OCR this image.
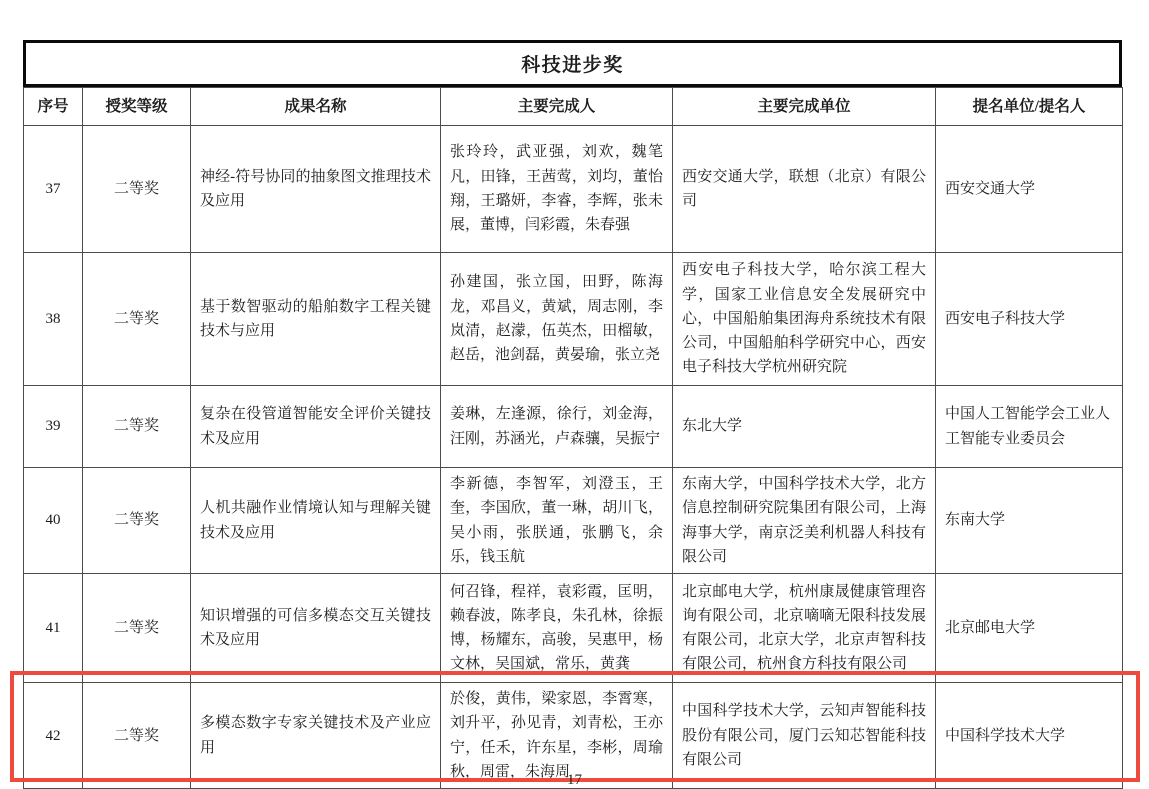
科技进步奖
序号	授奖等级	成果名称	主要完成人	主要完成单位	提名单位/提名人
37	二等奖	神经-符号协同的抽象图文推理技术及应用	张玲玲，武亚强，刘欢，魏笔凡，田锋，王茜莺，刘均，董怡翔，王璐妍，李睿，李辉，张未展，董博，闫彩霞，朱春强	西安交通大学，联想（北京）有限公司	西安交通大学
38	二等奖	基于数智驱动的船舶数字工程关键技术与应用	孙建国，张立国，田野，陈海龙，邓昌义，黄斌，周志刚，李岚清，赵濛，伍英杰，田榴敏，赵岳，池剑磊，黄晏瑜，张立尧	西安电子科技大学，哈尔滨工程大学，国家工业信息安全发展研究中心，中国船舶集团海舟系统技术有限公司，中国船舶科学研究中心，西安电子科技大学杭州研究院	西安电子科技大学
39	二等奖	复杂在役管道智能安全评价关键技术及应用	姜琳，左逢源，徐行，刘金海，汪刚，苏涵光，卢森骧，吴振宁	东北大学	中国人工智能学会工业人工智能专业委员会
40	二等奖	人机共融作业情境认知与理解关键技术及应用	李新德，李智军，刘澄玉，王奎，李国欣，董一琳，胡川飞，吴小雨，张朕通，张鹏飞，余乐，钱玉航	东南大学，中国科学技术大学，北方信息控制研究院集团有限公司，上海海事大学，南京泛美利机器人科技有限公司	东南大学
41	二等奖	知识增强的可信多模态交互关键技术及应用	何召锋，程祥，袁彩霞，匡明，赖春波，陈孝良，朱孔林，徐振博，杨耀东，高骏，吴惠甲，杨文林，吴国斌，常乐，黄龚	北京邮电大学，杭州康晟健康管理咨询有限公司，北京嘀嘀无限科技发展有限公司，北京大学，北京声智科技有限公司，杭州食方科技有限公司	北京邮电大学
42	二等奖	多模态数字专家关键技术及产业应用	於俊，黄伟，梁家恩，李霄寒，刘升平，孙见青，刘青松，王亦宁，任禾，许东星，李彬，周瑜秋，周雷，朱海周	中国科学技术大学，云知声智能科技股份有限公司，厦门云知芯智能科技有限公司	中国科学技术大学
17
